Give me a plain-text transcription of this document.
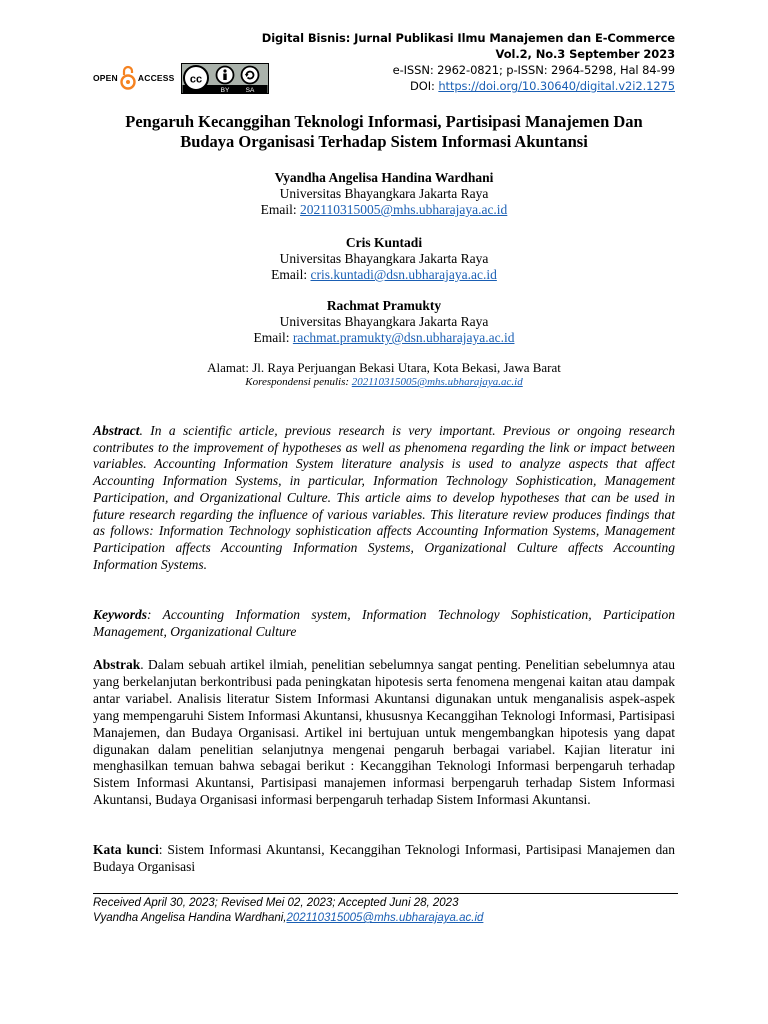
Digital Bisnis: Jurnal Publikasi Ilmu Manajemen dan E-Commerce
Vol.2, No.3 September 2023
e-ISSN: 2962-0821; p-ISSN: 2964-5298, Hal 84-99
DOI: https://doi.org/10.30640/digital.v2i2.1275
OPEN ACCESS cc
BY	SA
Pengaruh Kecanggihan Teknologi Informasi, Partisipasi Manajemen Dan
Budaya Organisasi Terhadap Sistem Informasi Akuntansi
Vyandha Angelisa Handina Wardhani
Universitas Bhayangkara Jakarta Raya
Email: 202110315005@mhs.ubharajaya.ac.id
Cris Kuntadi
Universitas Bhayangkara Jakarta Raya
Email: cris.kuntadi@dsn.ubharajaya.ac.id
Rachmat Pramukty
Universitas Bhayangkara Jakarta Raya
Email: rachmat.pramukty@dsn.ubharajaya.ac.id
Alamat: Jl. Raya Perjuangan Bekasi Utara, Kota Bekasi, Jawa Barat
Korespondensi penulis: 202110315005@mhs.ubharajaya.ac.id
Abstract. In a scientific article, previous research is very important. Previous or ongoing research contributes to the improvement of hypotheses as well as phenomena regarding the link or impact between variables. Accounting Information System literature analysis is used to analyze aspects that affect Accounting Information Systems, in particular, Information Technology Sophistication, Management Participation, and Organizational Culture. This article aims to develop hypotheses that can be used in future research regarding the influence of various variables. This literature review produces findings that as follows: Information Technology sophistication affects Accounting Information Systems, Management Participation affects Accounting Information Systems, Organizational Culture affects Accounting Information Systems.
Keywords: Accounting Information system, Information Technology Sophistication, Participation Management, Organizational Culture
Abstrak. Dalam sebuah artikel ilmiah, penelitian sebelumnya sangat penting. Penelitian sebelumnya atau yang berkelanjutan berkontribusi pada peningkatan hipotesis serta fenomena mengenai kaitan atau dampak antar variabel. Analisis literatur Sistem Informasi Akuntansi digunakan untuk menganalisis aspek-aspek yang mempengaruhi Sistem Informasi Akuntansi, khususnya Kecanggihan Teknologi Informasi, Partisipasi Manajemen, dan Budaya Organisasi. Artikel ini bertujuan untuk mengembangkan hipotesis yang dapat digunakan dalam penelitian selanjutnya mengenai pengaruh berbagai variabel. Kajian literatur ini menghasilkan temuan bahwa sebagai berikut : Kecanggihan Teknologi Informasi berpengaruh terhadap Sistem Informasi Akuntansi, Partisipasi manajemen informasi berpengaruh terhadap Sistem Informasi Akuntansi, Budaya Organisasi informasi berpengaruh terhadap Sistem Informasi Akuntansi.
Kata kunci: Sistem Informasi Akuntansi, Kecanggihan Teknologi Informasi, Partisipasi Manajemen dan Budaya Organisasi
Received April 30, 2023; Revised Mei 02, 2023; Accepted Juni 28, 2023
Vyandha Angelisa Handina Wardhani,202110315005@mhs.ubharajaya.ac.id
